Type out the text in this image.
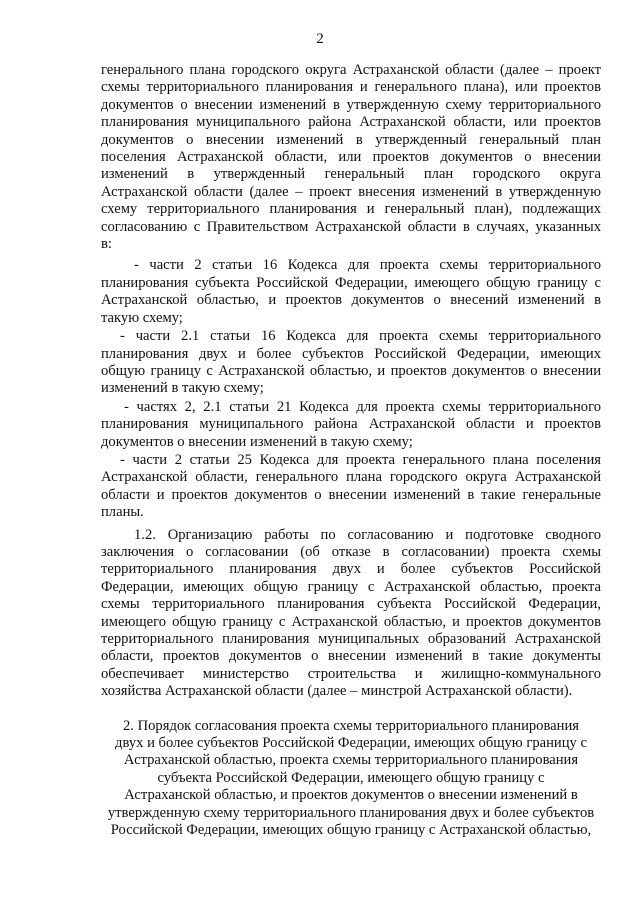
2
генерального плана городского округа Астраханской области (далее – проект
схемы территориального планирования и генерального плана), или проектов
документов о внесении изменений в утвержденную схему территориального
планирования муниципального района Астраханской области, или проектов
документов о внесении изменений в утвержденный генеральный план
поселения Астраханской области, или проектов документов о внесении
изменений в утвержденный генеральный план городского округа
Астраханской области (далее – проект внесения изменений в утвержденную
схему территориального планирования и генеральный план), подлежащих
согласованию с Правительством Астраханской области в случаях, указанных
в:
- части 2 статьи 16 Кодекса для проекта схемы территориального
планирования субъекта Российской Федерации, имеющего общую границу с
Астраханской областью, и проектов документов о внесений изменений в
такую схему;
- части 2.1 статьи 16 Кодекса для проекта схемы территориального
планирования двух и более субъектов Российской Федерации, имеющих
общую границу с Астраханской областью, и проектов документов о внесении
изменений в такую схему;
- частях 2, 2.1 статьи 21 Кодекса для проекта схемы территориального
планирования муниципального района Астраханской области и проектов
документов о внесении изменений в такую схему;
- части 2 статьи 25 Кодекса для проекта генерального плана поселения
Астраханской области, генерального плана городского округа Астраханской
области и проектов документов о внесении изменений в такие генеральные
планы.
1.2. Организацию работы по согласованию и подготовке сводного
заключения о согласовании (об отказе в согласовании) проекта схемы
территориального планирования двух и более субъектов Российской
Федерации, имеющих общую границу с Астраханской областью, проекта
схемы территориального планирования субъекта Российской Федерации,
имеющего общую границу с Астраханской областью, и проектов документов
территориального планирования муниципальных образований Астраханской
области, проектов документов о внесении изменений в такие документы
обеспечивает министерство строительства и жилищно-коммунального
хозяйства Астраханской области (далее – минстрой Астраханской области).
2. Порядок согласования проекта схемы территориального планирования
двух и более субъектов Российской Федерации, имеющих общую границу с
Астраханской областью, проекта схемы территориального планирования
субъекта Российской Федерации, имеющего общую границу с
Астраханской областью, и проектов документов о внесении изменений в
утвержденную схему территориального планирования двух и более субъектов
Российской Федерации, имеющих общую границу с Астраханской областью,
